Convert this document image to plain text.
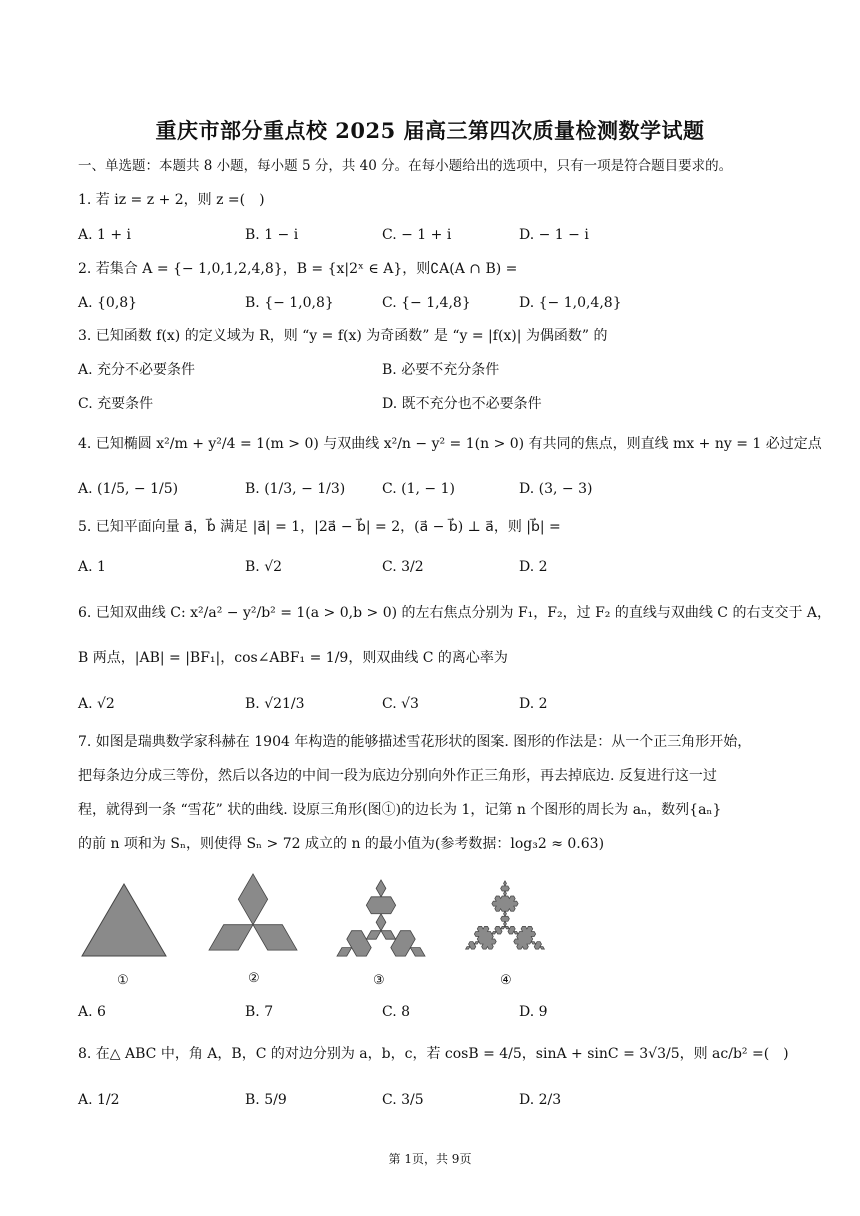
重庆市部分重点校 2025 届高三第四次质量检测数学试题
一、单选题：本题共 8 小题，每小题 5 分，共 40 分。在每小题给出的选项中，只有一项是符合题目要求的。
1. 若 iz = z + 2，则 z =(　)
A. 1 + i	B. 1 − i	C. − 1 + i	D. − 1 − i
2. 若集合 A = {− 1,0,1,2,4,8}，B = {x|2ˣ ∈ A}，则∁A(A ∩ B) =
A. {0,8}	B. {− 1,0,8}	C. {− 1,4,8}	D. {− 1,0,4,8}
3. 已知函数 f(x) 的定义域为 R，则 “y = f(x) 为奇函数” 是 “y = |f(x)| 为偶函数” 的
A. 充分不必要条件	B. 必要不充分条件
C. 充要条件	D. 既不充分也不必要条件
4. 已知椭圆 x²/m + y²/4 = 1(m > 0) 与双曲线 x²/n − y² = 1(n > 0) 有共同的焦点，则直线 mx + ny = 1 必过定点
A. (1/5, − 1/5)	B. (1/3, − 1/3)	C. (1, − 1)	D. (3, − 3)
5. 已知平面向量 a⃗，b⃗ 满足 |a⃗| = 1，|2a⃗ − b⃗| = 2，(a⃗ − b⃗) ⊥ a⃗，则 |b⃗| =
A. 1	B. √2	C. 3/2	D. 2
6. 已知双曲线 C: x²/a² − y²/b² = 1(a > 0,b > 0) 的左右焦点分别为 F₁，F₂，过 F₂ 的直线与双曲线 C 的右支交于 A，
B 两点，|AB| = |BF₁|，cos∠ABF₁ = 1/9，则双曲线 C 的离心率为
A. √2	B. √21/3	C. √3	D. 2
7. 如图是瑞典数学家科赫在 1904 年构造的能够描述雪花形状的图案. 图形的作法是：从一个正三角形开始，
把每条边分成三等份，然后以各边的中间一段为底边分别向外作正三角形，再去掉底边. 反复进行这一过
程，就得到一条 “雪花” 状的曲线. 设原三角形(图①)的边长为 1，记第 n 个图形的周长为 aₙ，数列{aₙ}
的前 n 项和为 Sₙ，则使得 Sₙ > 72 成立的 n 的最小值为(参考数据：log₃2 ≈ 0.63)
①	②	③	④
A. 6	B. 7	C. 8	D. 9
8. 在△ ABC 中，角 A，B，C 的对边分别为 a，b，c，若 cosB = 4/5，sinA + sinC = 3√3/5，则 ac/b² =(　)
A. 1/2	B. 5/9	C. 3/5	D. 2/3
第 1页，共 9页
